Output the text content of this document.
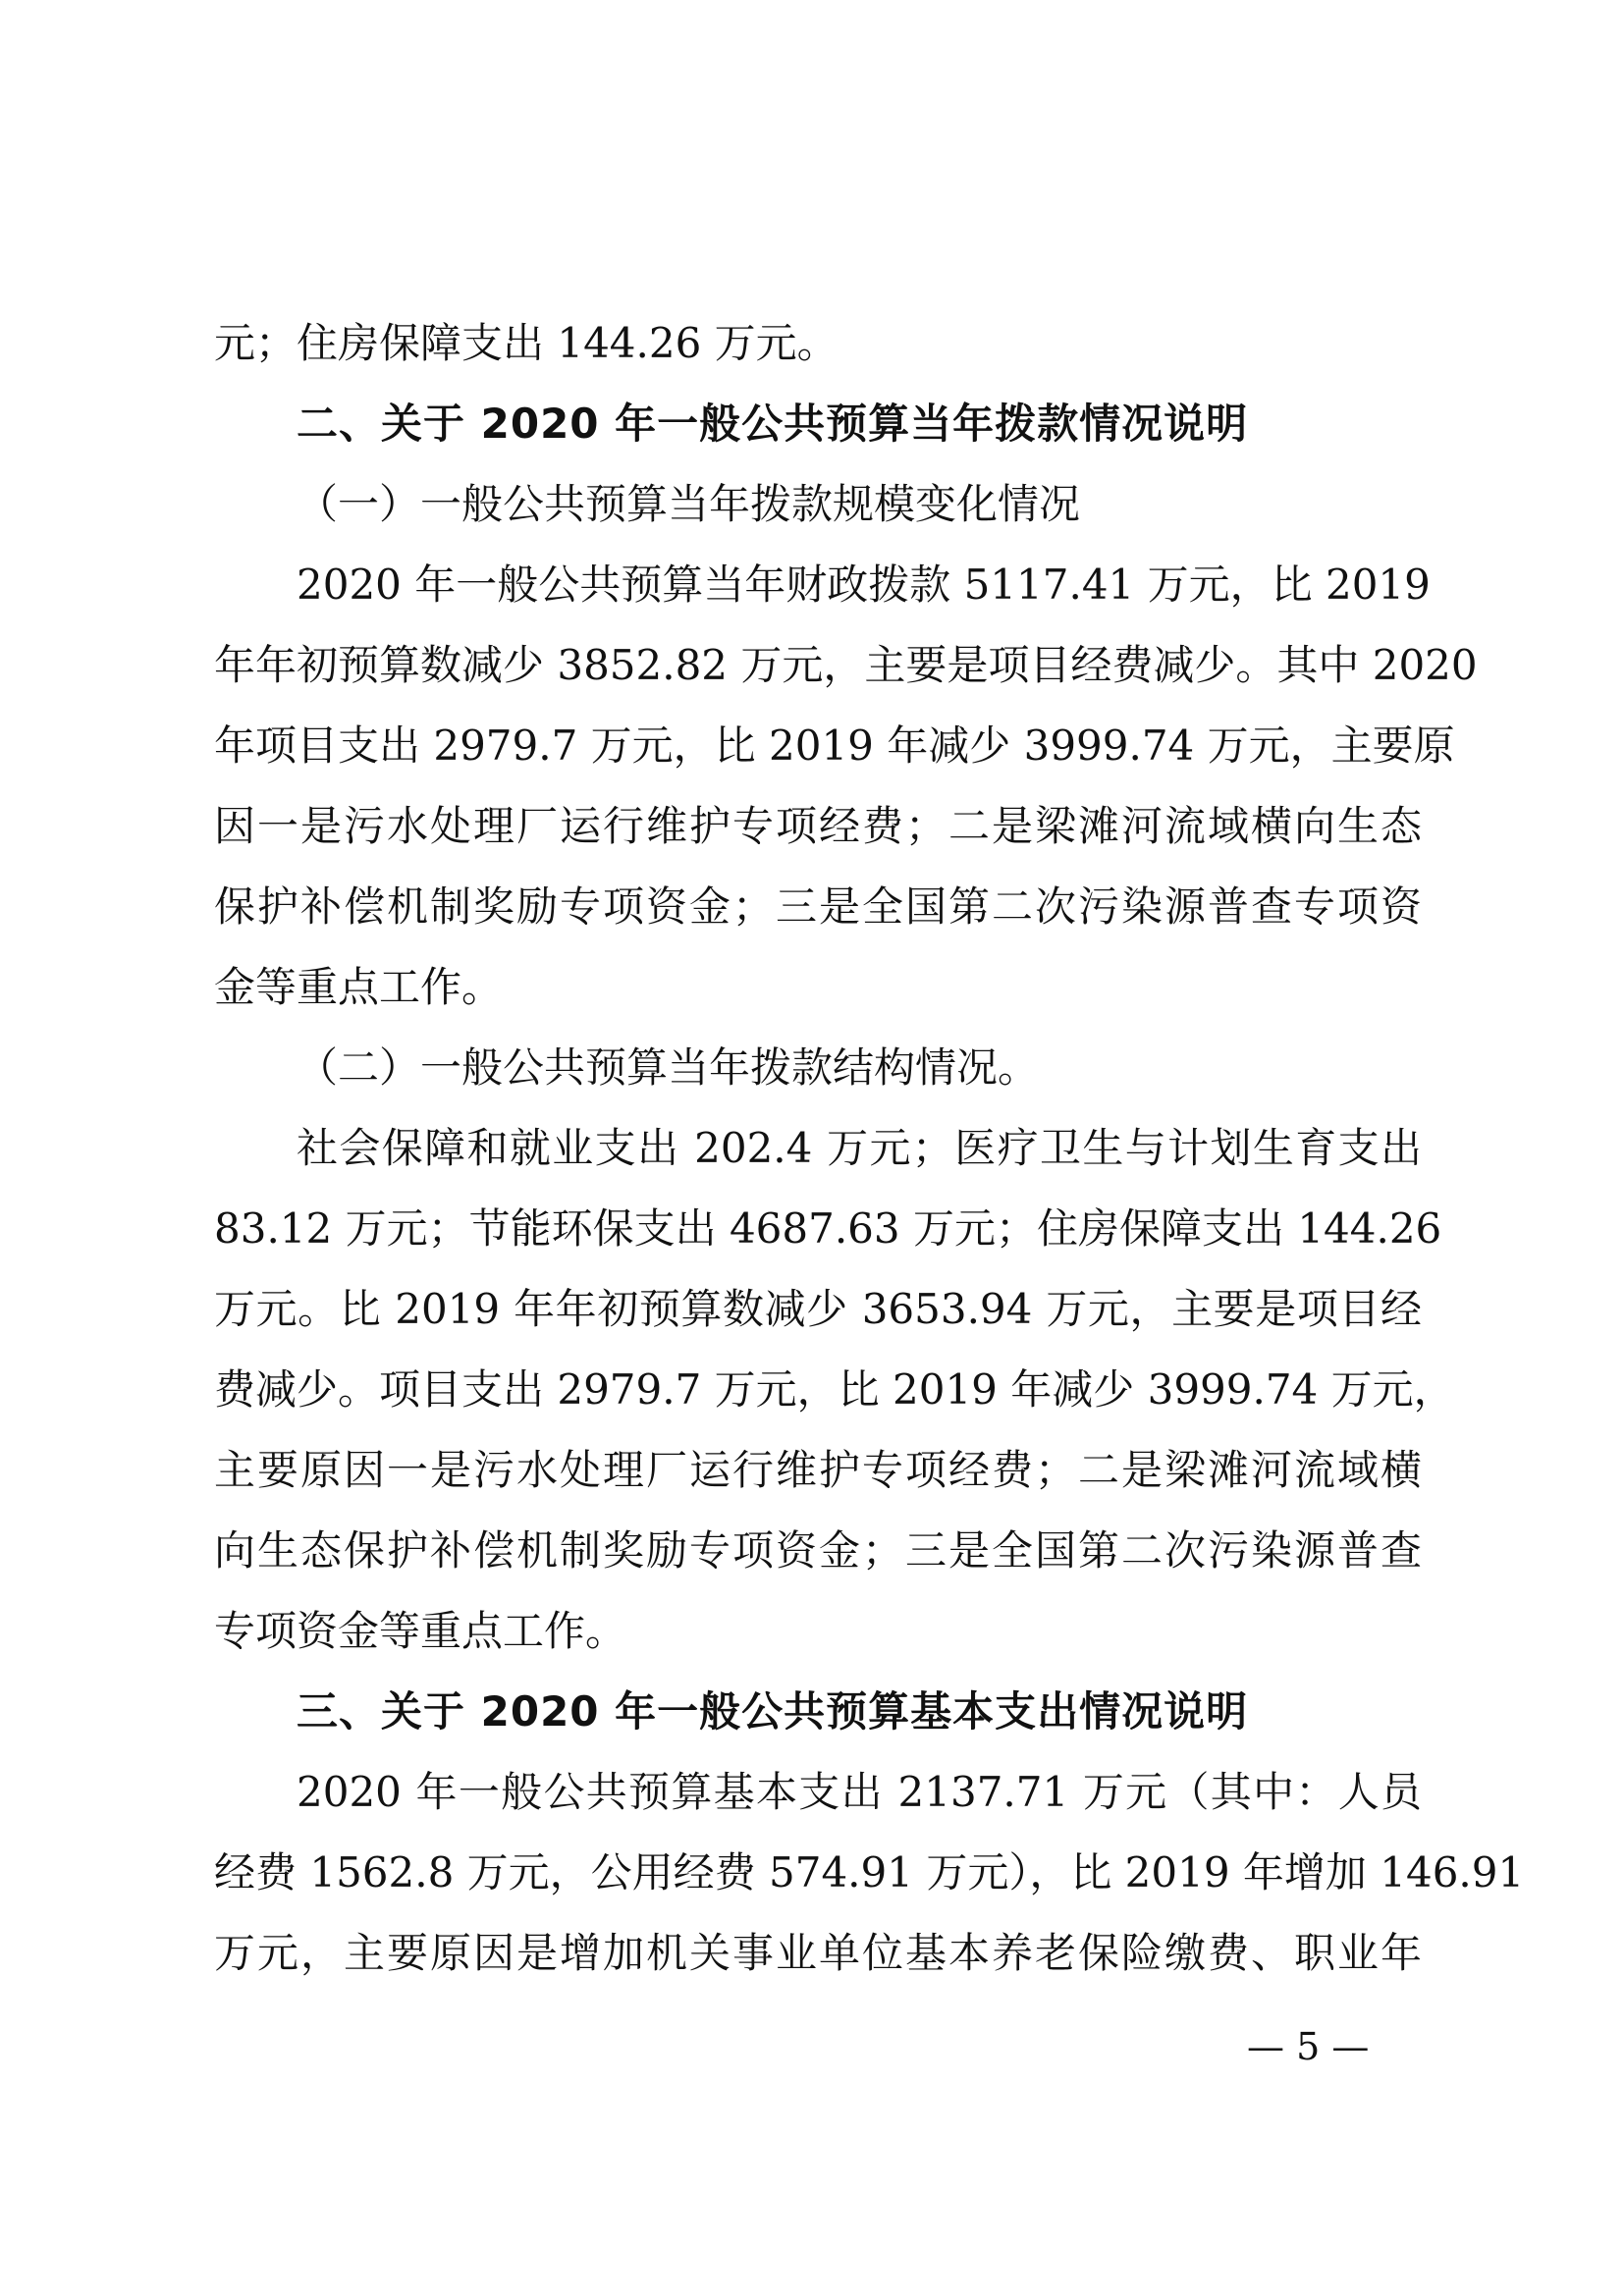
元；住房保障支出 144.26 万元。
二、关于 2020 年一般公共预算当年拨款情况说明
（一）一般公共预算当年拨款规模变化情况
2020 年一般公共预算当年财政拨款 5117.41 万元，比 2019
年年初预算数减少 3852.82 万元，主要是项目经费减少。其中 2020
年项目支出 2979.7 万元，比 2019 年减少 3999.74 万元，主要原
因一是污水处理厂运行维护专项经费；二是梁滩河流域横向生态
保护补偿机制奖励专项资金；三是全国第二次污染源普查专项资
金等重点工作。
（二）一般公共预算当年拨款结构情况。
社会保障和就业支出 202.4 万元；医疗卫生与计划生育支出
83.12 万元；节能环保支出 4687.63 万元；住房保障支出 144.26
万元。比 2019 年年初预算数减少 3653.94 万元，主要是项目经
费减少。项目支出 2979.7 万元，比 2019 年减少 3999.74 万元，
主要原因一是污水处理厂运行维护专项经费；二是梁滩河流域横
向生态保护补偿机制奖励专项资金；三是全国第二次污染源普查
专项资金等重点工作。
三、关于 2020 年一般公共预算基本支出情况说明
2020 年一般公共预算基本支出 2137.71 万元（其中：人员
经费 1562.8 万元，公用经费 574.91 万元），比 2019 年增加 146.91
万元，主要原因是增加机关事业单位基本养老保险缴费、职业年
— 5 —
